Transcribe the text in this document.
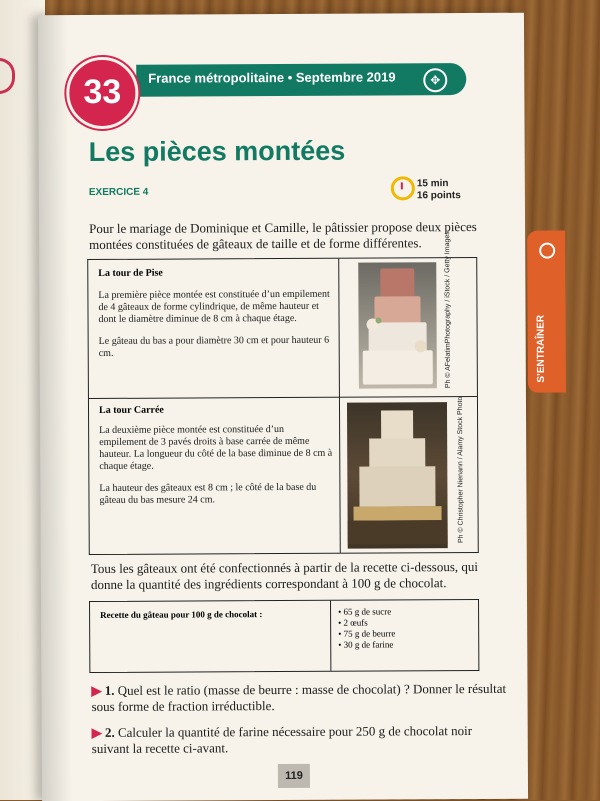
France métropolitaine • Septembre 2019	✥
33
Les pièces montées
EXERCICE 4
15 min
16 points
Pour le mariage de Dominique et Camille, le pâtissier propose deux pièces montées constituées de gâteaux de taille et de forme différentes.
La tour de Pise
La première pièce montée est constituée d’un empilement de 4 gâteaux de forme cylindrique, de même hauteur et dont le diamètre diminue de 8 cm à chaque étage.
Le gâteau du bas a pour diamètre 30 cm et pour hauteur 6 cm.	Ph © AFelatimPhotography / iStock / Getty Images
La tour Carrée
La deuxième pièce montée est constituée d’un empilement de 3 pavés droits à base carrée de même hauteur. La longueur du côté de la base diminue de 8 cm à chaque étage.
La hauteur des gâteaux est 8 cm ; le côté de la base du gâteau du bas mesure 24 cm.	Ph © Christopher Nienann / Alamy Stock Photo
Tous les gâteaux ont été confectionnés à partir de la recette ci-dessous, qui donne la quantité des ingrédients correspondant à 100 g de chocolat.
Recette du gâteau pour 100 g de chocolat :	• 65 g de sucre
• 2 œufs
• 75 g de beurre
• 30 g de farine
▶ 1. Quel est le ratio (masse de beurre : masse de chocolat) ? Donner le résultat sous forme de fraction irréductible.
▶ 2. Calculer la quantité de farine nécessaire pour 250 g de chocolat noir suivant la recette ci-avant.
S’ENTRAÎNER
119
